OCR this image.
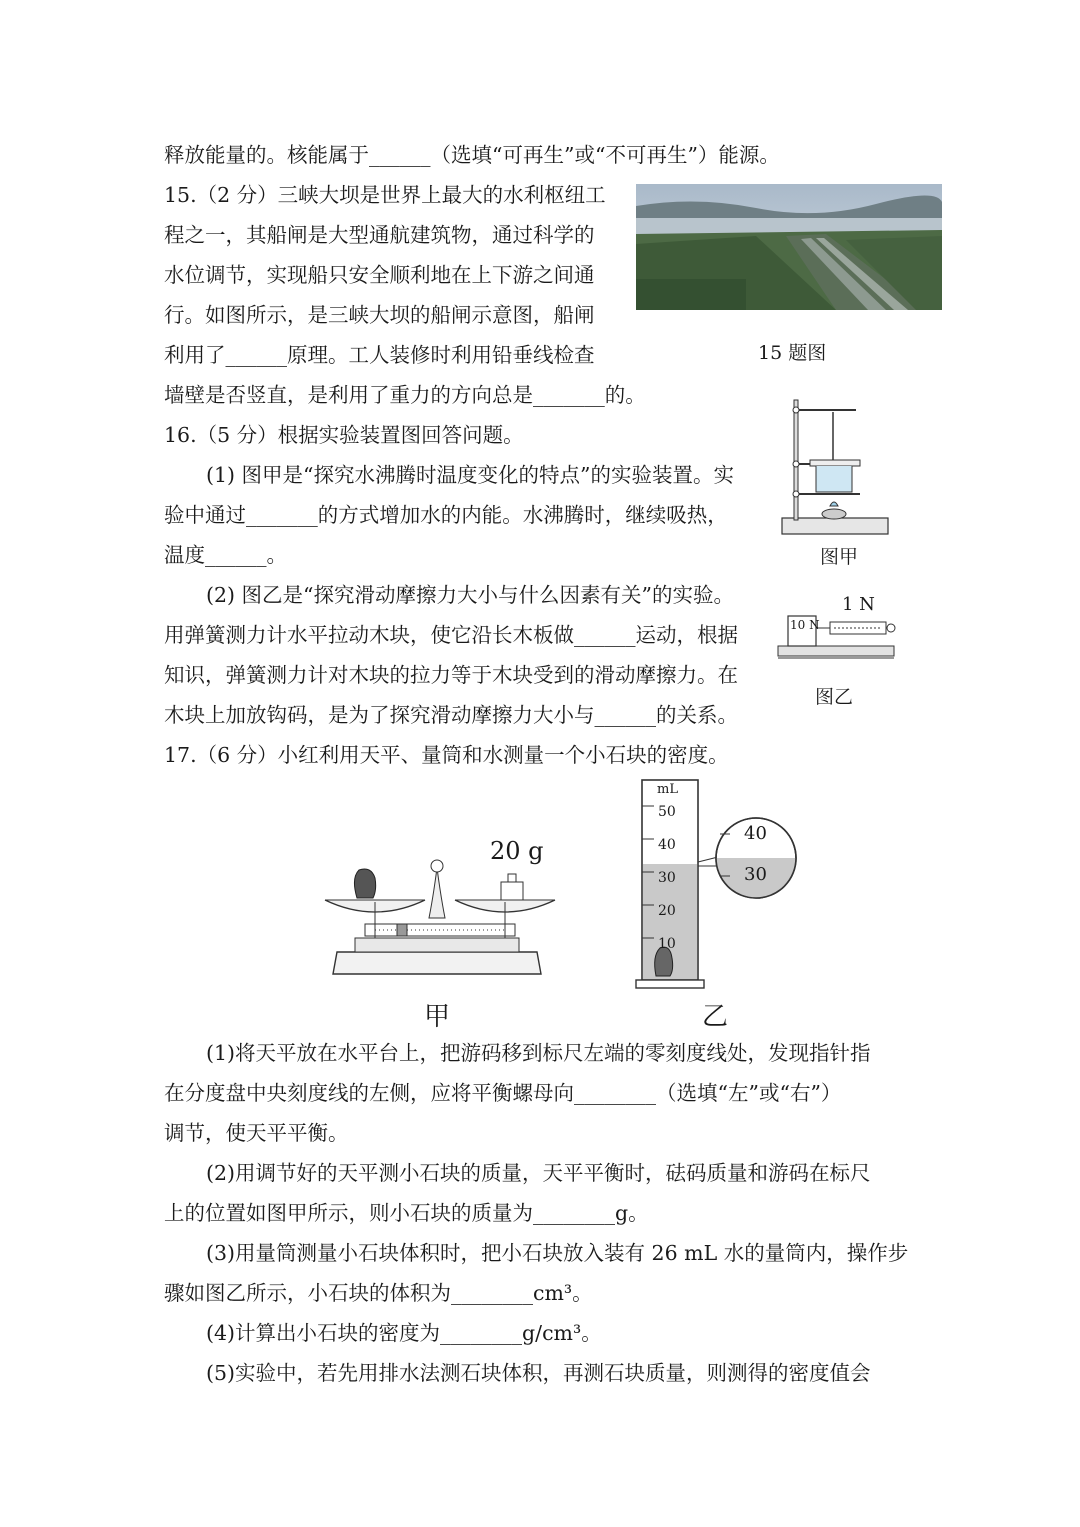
释放能量的。核能属于______（选填“可再生”或“不可再生”）能源。
15.（2 分）三峡大坝是世界上最大的水利枢纽工
程之一，其船闸是大型通航建筑物，通过科学的
水位调节，实现船只安全顺利地在上下游之间通
行。如图所示，是三峡大坝的船闸示意图，船闸
利用了______原理。工人装修时利用铅垂线检查
墙壁是否竖直，是利用了重力的方向总是_______的。
15 题图
16.（5 分）根据实验装置图回答问题。
(1) 图甲是“探究水沸腾时温度变化的特点”的实验装置。实
验中通过_______的方式增加水的内能。水沸腾时，继续吸热，
温度______。
(2) 图乙是“探究滑动摩擦力大小与什么因素有关”的实验。
用弹簧测力计水平拉动木块，使它沿长木板做______运动，根据
知识，弹簧测力计对木块的拉力等于木块受到的滑动摩擦力。在
木块上加放钩码，是为了探究滑动摩擦力大小与______的关系。
图甲
1 N
10 N
图乙
17.（6 分）小红利用天平、量筒和水测量一个小石块的密度。
20 g
甲
mL
50
40
30
20
10
40
30
乙
(1)将天平放在水平台上，把游码移到标尺左端的零刻度线处，发现指针指
在分度盘中央刻度线的左侧，应将平衡螺母向________（选填“左”或“右”）
调节，使天平平衡。
(2)用调节好的天平测小石块的质量，天平平衡时，砝码质量和游码在标尺
上的位置如图甲所示，则小石块的质量为________g。
(3)用量筒测量小石块体积时，把小石块放入装有 26 mL 水的量筒内，操作步
骤如图乙所示，小石块的体积为________cm³。
(4)计算出小石块的密度为________g/cm³。
(5)实验中，若先用排水法测石块体积，再测石块质量，则测得的密度值会
